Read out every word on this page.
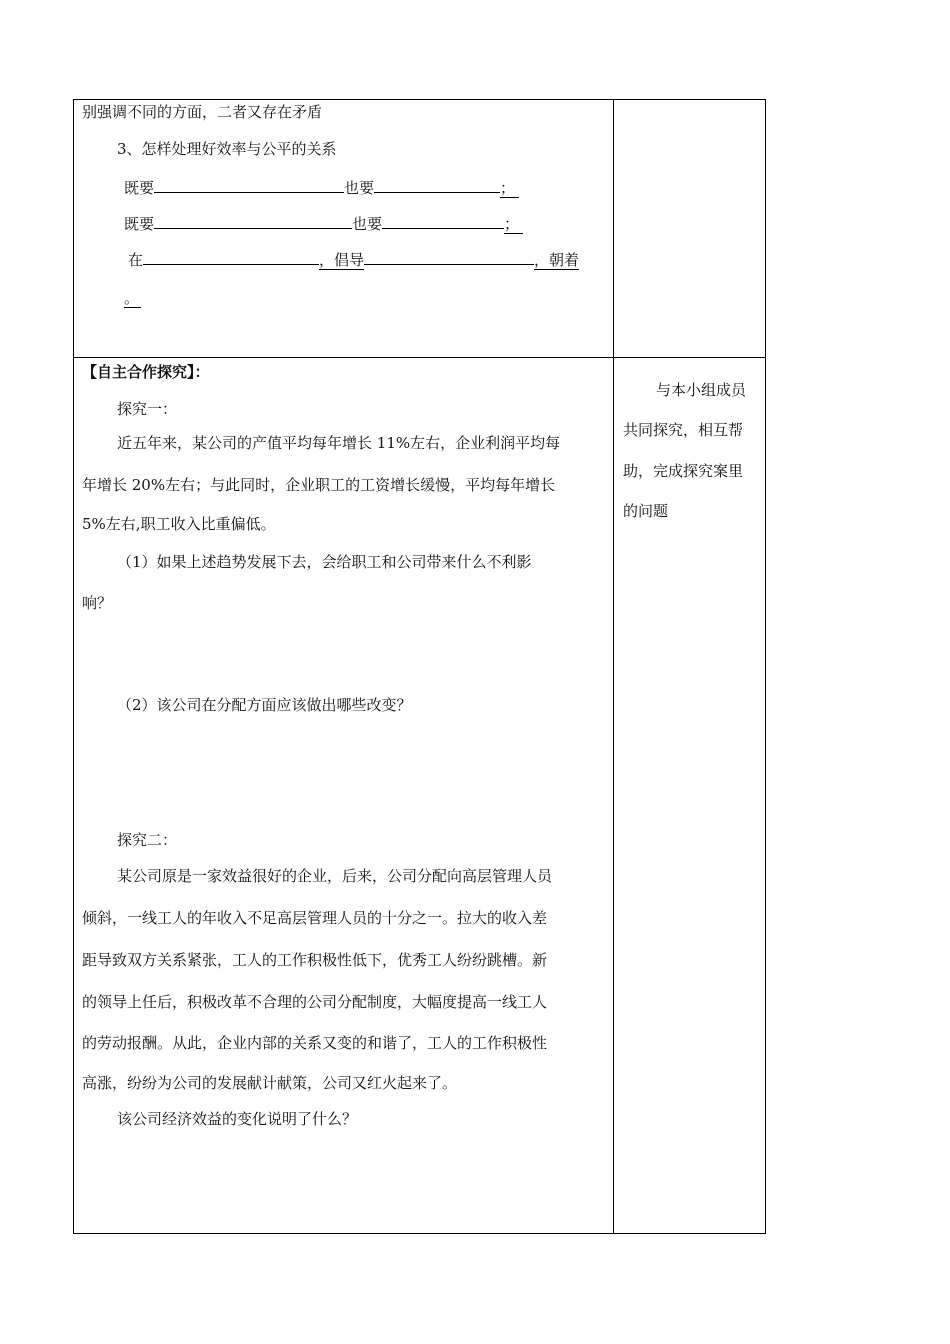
别强调不同的方面，二者又存在矛盾
3、怎样处理好效率与公平的关系
既要	也要	；
既要	也要	；
在	，倡导	，朝着
。
【自主合作探究】：
探究一：
近五年来，某公司的产值平均每年增长 11%左右，企业利润平均每
年增长 20%左右；与此同时，企业职工的工资增长缓慢，平均每年增长
5%左右,职工收入比重偏低。
（1）如果上述趋势发展下去，会给职工和公司带来什么不利影
响？
（2）该公司在分配方面应该做出哪些改变？
探究二：
某公司原是一家效益很好的企业，后来，公司分配向高层管理人员
倾斜，一线工人的年收入不足高层管理人员的十分之一。拉大的收入差
距导致双方关系紧张，工人的工作积极性低下，优秀工人纷纷跳槽。新
的领导上任后，积极改革不合理的公司分配制度，大幅度提高一线工人
的劳动报酬。从此，企业内部的关系又变的和谐了，工人的工作积极性
高涨，纷纷为公司的发展献计献策，公司又红火起来了。
该公司经济效益的变化说明了什么？
与本小组成员
共同探究，相互帮
助，完成探究案里
的问题
